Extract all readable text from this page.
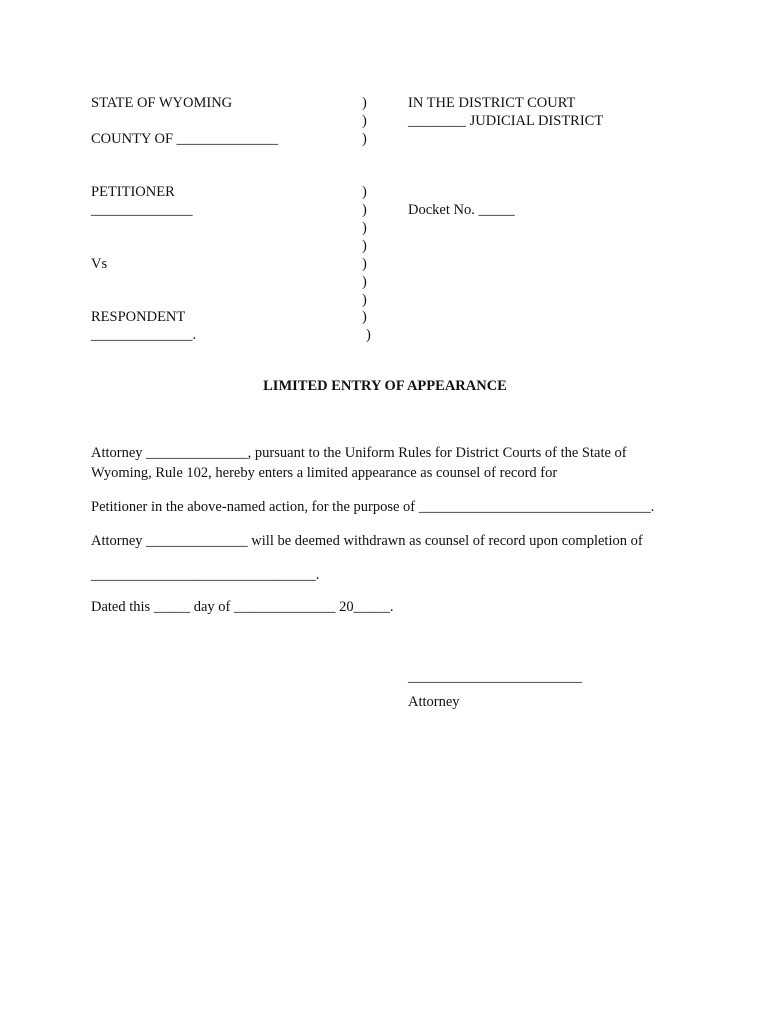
STATE OF WYOMING
COUNTY OF ______________
PETITIONER
______________
Vs
RESPONDENT
______________.
)
)
)
)
)
)
)
)
)
)
)
)
IN THE DISTRICT COURT
________ JUDICIAL DISTRICT
Docket No. _____
LIMITED ENTRY OF APPEARANCE
Attorney ______________, pursuant to the Uniform Rules for District Courts of the State of
Wyoming, Rule 102, hereby enters a limited appearance as counsel of record for
Petitioner in the above-named action, for the purpose of ________________________________.
Attorney ______________ will be deemed withdrawn as counsel of record upon completion of
_______________________________.
Dated this _____ day of ______________ 20_____.
________________________
Attorney
